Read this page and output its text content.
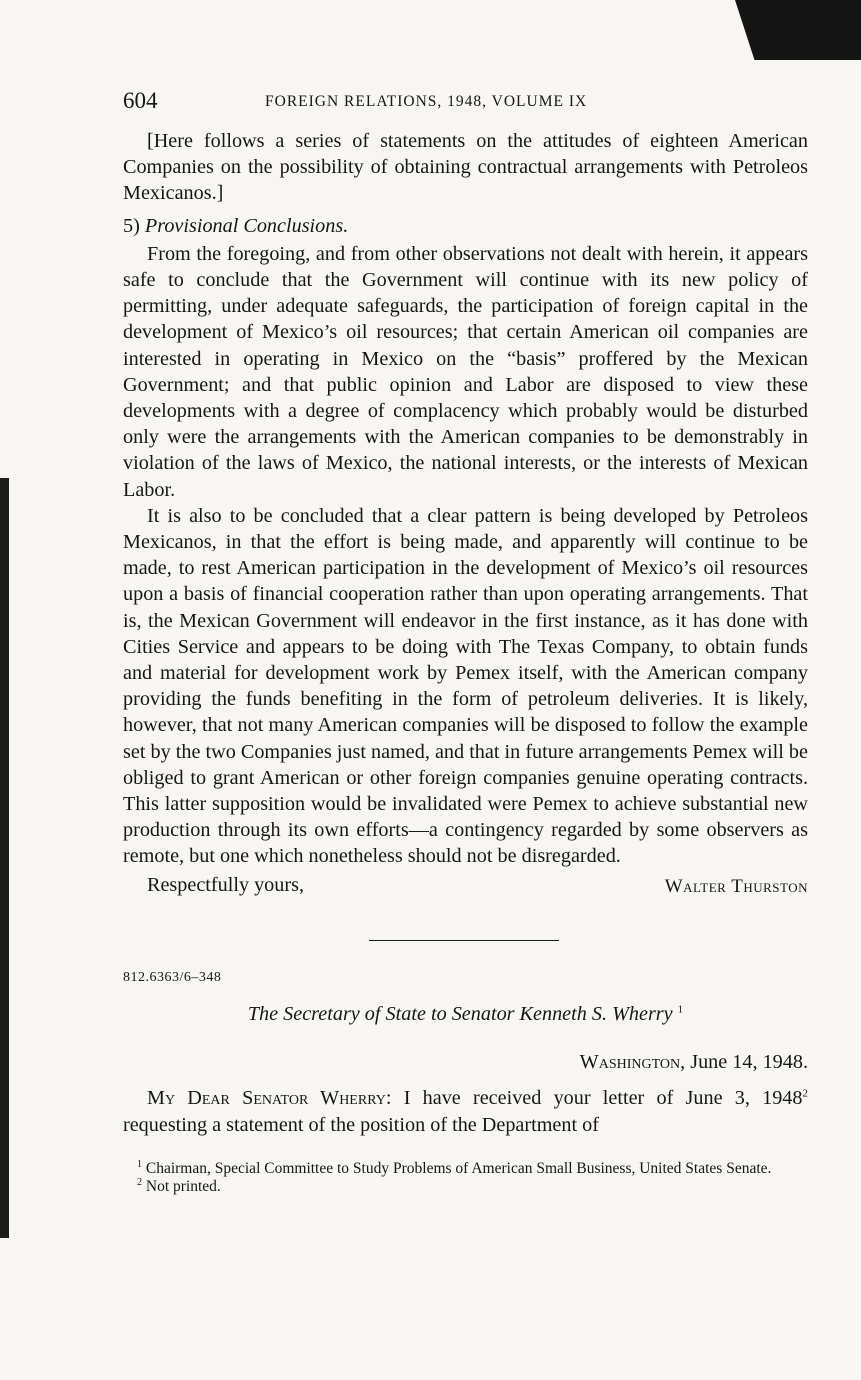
604	FOREIGN RELATIONS, 1948, VOLUME IX

[Here follows a series of statements on the attitudes of eighteen American Companies on the possibility of obtaining contractual arrangements with Petroleos Mexicanos.]

5) Provisional Conclusions.

From the foregoing, and from other observations not dealt with herein, it appears safe to conclude that the Government will continue with its new policy of permitting, under adequate safeguards, the participation of foreign capital in the development of Mexico’s oil resources; that certain American oil companies are interested in operating in Mexico on the “basis” proffered by the Mexican Government; and that public opinion and Labor are disposed to view these developments with a degree of complacency which probably would be disturbed only were the arrangements with the American companies to be demonstrably in violation of the laws of Mexico, the national interests, or the interests of Mexican Labor.

It is also to be concluded that a clear pattern is being developed by Petroleos Mexicanos, in that the effort is being made, and apparently will continue to be made, to rest American participation in the development of Mexico’s oil resources upon a basis of financial cooperation rather than upon operating arrangements. That is, the Mexican Government will endeavor in the first instance, as it has done with Cities Service and appears to be doing with The Texas Company, to obtain funds and material for development work by Pemex itself, with the American company providing the funds benefiting in the form of petroleum deliveries. It is likely, however, that not many American companies will be disposed to follow the example set by the two Companies just named, and that in future arrangements Pemex will be obliged to grant American or other foreign companies genuine operating contracts. This latter supposition would be invalidated were Pemex to achieve substantial new production through its own efforts—a contingency regarded by some observers as remote, but one which nonetheless should not be disregarded.

Respectfully yours,	Walter Thurston

812.6363/6–348

The Secretary of State to Senator Kenneth S. Wherry $^1$

Washington, June 14, 1948.

My Dear Senator Wherry: I have received your letter of June 3, 1948$^2$ requesting a statement of the position of the Department of

$^1$ Chairman, Special Committee to Study Problems of American Small Business, United States Senate.

$^2$ Not printed.
